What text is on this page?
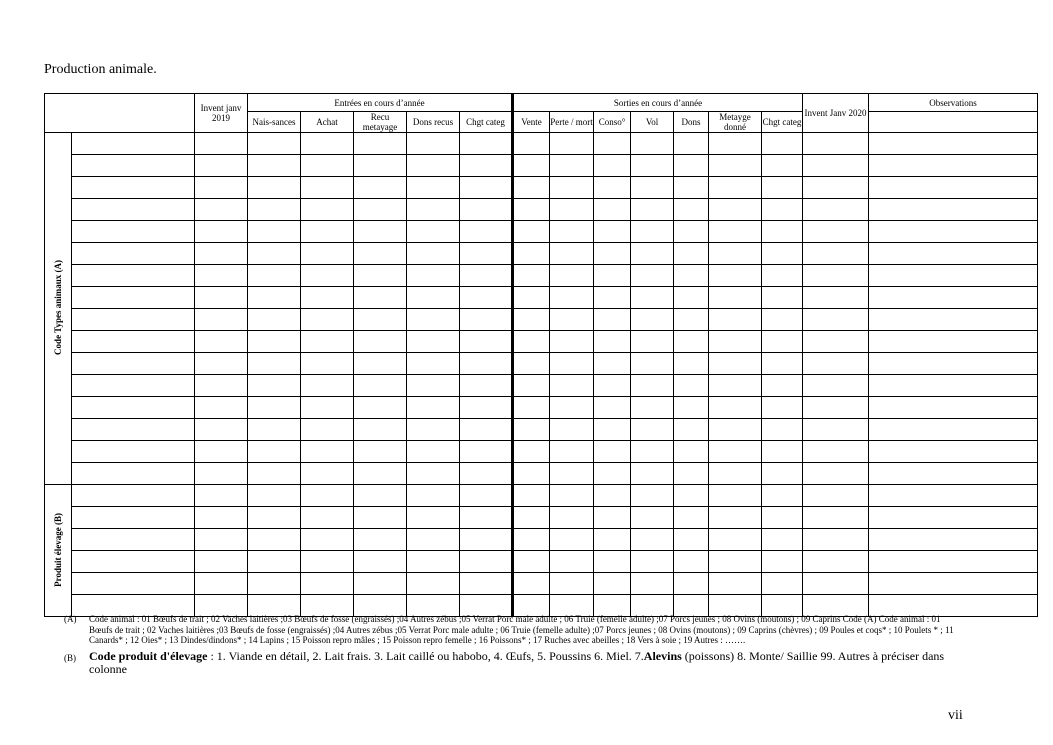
Production animale.
		Invent janv 2019	Entrées en cours d’année					Sorties en cours d’année							Invent Janv 2020	Observations
			Nais-sances	Achat	Recu metayage	Dons recus	Chgt categ	Vente	Perte / mort	Conso°	Vol	Dons	Metayge donné	Chgt categ		
Code Types animaux (A)																

Produit élevage (B)																

(A) Code animal : 01 Bœufs de trait ; 02 Vaches laitières ;03 Bœufs de fosse (engraissés) ;04 Autres zébus ;05 Verrat Porc male adulte ; 06 Truie (femelle adulte) ;07 Porcs jeunes ; 08 Ovins (moutons) ; 09 Caprins Code (A) Code animal : 01 Bœufs de trait ; 02 Vaches laitières ;03 Bœufs de fosse (engraissés) ;04 Autres zébus ;05 Verrat Porc male adulte ; 06 Truie (femelle adulte) ;07 Porcs jeunes ; 08 Ovins (moutons) ; 09 Caprins (chèvres) ; 09 Poules et coqs* ; 10 Poulets * ; 11 Canards* ; 12 Oies* ; 13 Dindes/dindons* ; 14 Lapins ; 15 Poisson repro mâles ; 15 Poisson repro femelle ; 16 Poissons* ; 17 Ruches avec abeilles ; 18 Vers à soie ; 19 Autres : …….
(B) Code produit d'élevage : 1. Viande en détail, 2. Lait frais. 3. Lait caillé ou habobo, 4. Œufs, 5. Poussins 6. Miel. 7.Alevins (poissons) 8. Monte/ Saillie 99. Autres à préciser dans colonne
vii
